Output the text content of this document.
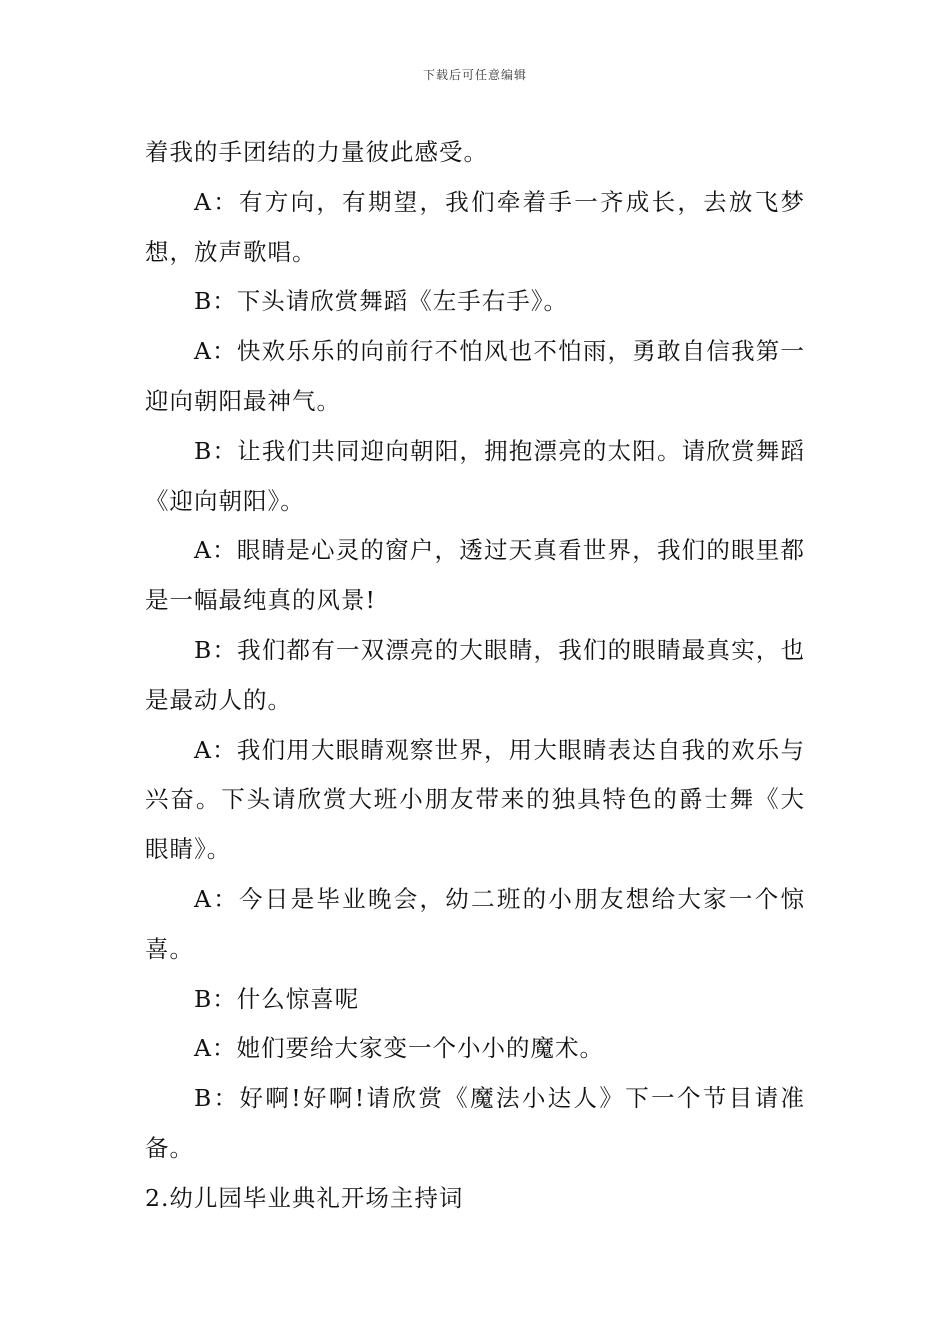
下载后可任意编辑

着我的手团结的力量彼此感受。

A：有方向，有期望，我们牵着手一齐成长，去放飞梦想，放声歌唱。

B：下头请欣赏舞蹈《左手右手》。

A：快欢乐乐的向前行不怕风也不怕雨，勇敢自信我第一迎向朝阳最神气。

B：让我们共同迎向朝阳，拥抱漂亮的太阳。请欣赏舞蹈《迎向朝阳》。

A：眼睛是心灵的窗户，透过天真看世界，我们的眼里都是一幅最纯真的风景!

B：我们都有一双漂亮的大眼睛，我们的眼睛最真实，也是最动人的。

A：我们用大眼睛观察世界，用大眼睛表达自我的欢乐与兴奋。下头请欣赏大班小朋友带来的独具特色的爵士舞《大眼睛》。

A：今日是毕业晚会，幼二班的小朋友想给大家一个惊喜。

B：什么惊喜呢

A：她们要给大家变一个小小的魔术。

B：好啊!好啊!请欣赏《魔法小达人》下一个节目请准备。

2.幼儿园毕业典礼开场主持词
